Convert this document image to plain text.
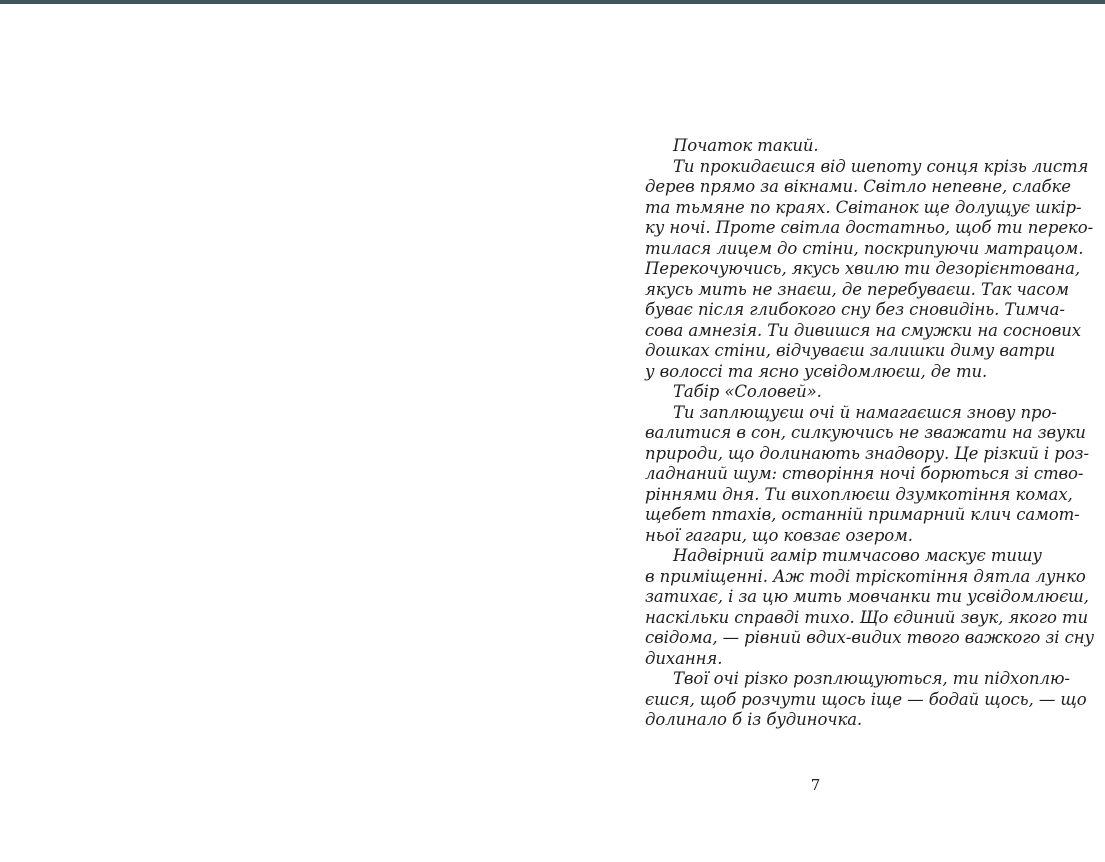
Початок такий.
Ти прокидаєшся від шепоту сонця крізь листя
дерев прямо за вікнами. Світло непевне, слабке
та тьмяне по краях. Світанок ще долущує шкір-
ку ночі. Проте світла достатньо, щоб ти переко-
тилася лицем до стіни, поскрипуючи матрацом.
Перекочуючись, якусь хвилю ти дезорієнтована,
якусь мить не знаєш, де перебуваєш. Так часом
буває після глибокого сну без сновидінь. Тимча-
сова амнезія. Ти дивишся на смужки на соснових
дошках стіни, відчуваєш залишки диму ватри
у волоссі та ясно усвідомлюєш, де ти.
Табір «Соловей».
Ти заплющуєш очі й намагаєшся знову про-
валитися в сон, силкуючись не зважати на звуки
природи, що долинають знадвору. Це різкий і роз-
ладнаний шум: створіння ночі борються зі ство-
ріннями дня. Ти вихоплюєш дзумкотіння комах,
щебет птахів, останній примарний клич самот-
ньої гагари, що ковзає озером.
Надвірний гамір тимчасово маскує тишу
в приміщенні. Аж тоді тріскотіння дятла лунко
затихає, і за цю мить мовчанки ти усвідомлюєш,
наскільки справді тихо. Що єдиний звук, якого ти
свідома, — рівний вдих-видих твого важкого зі сну
дихання.
Твої очі різко розплющуються, ти підхоплю-
єшся, щоб розчути щось іще — бодай щось, — що
долинало б із будиночка.
7
